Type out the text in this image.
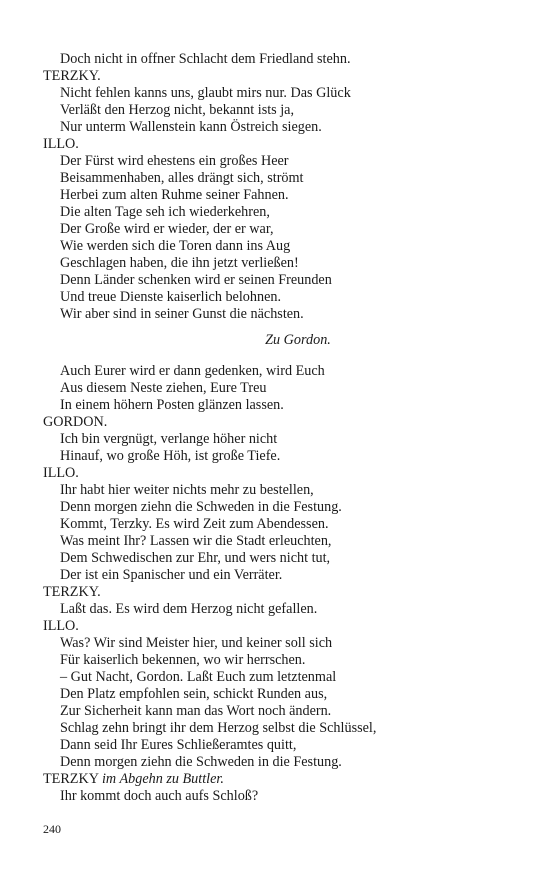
Doch nicht in offner Schlacht dem Friedland stehn.
TERZKY.
Nicht fehlen kanns uns, glaubt mirs nur. Das Glück
Verläßt den Herzog nicht, bekannt ists ja,
Nur unterm Wallenstein kann Östreich siegen.
ILLO.
Der Fürst wird ehestens ein großes Heer
Beisammenhaben, alles drängt sich, strömt
Herbei zum alten Ruhme seiner Fahnen.
Die alten Tage seh ich wiederkehren,
Der Große wird er wieder, der er war,
Wie werden sich die Toren dann ins Aug
Geschlagen haben, die ihn jetzt verließen!
Denn Länder schenken wird er seinen Freunden
Und treue Dienste kaiserlich belohnen.
Wir aber sind in seiner Gunst die nächsten.
Zu Gordon.
Auch Eurer wird er dann gedenken, wird Euch
Aus diesem Neste ziehen, Eure Treu
In einem höhern Posten glänzen lassen.
GORDON.
Ich bin vergnügt, verlange höher nicht
Hinauf, wo große Höh, ist große Tiefe.
ILLO.
Ihr habt hier weiter nichts mehr zu bestellen,
Denn morgen ziehn die Schweden in die Festung.
Kommt, Terzky. Es wird Zeit zum Abendessen.
Was meint Ihr? Lassen wir die Stadt erleuchten,
Dem Schwedischen zur Ehr, und wers nicht tut,
Der ist ein Spanischer und ein Verräter.
TERZKY.
Laßt das. Es wird dem Herzog nicht gefallen.
ILLO.
Was? Wir sind Meister hier, und keiner soll sich
Für kaiserlich bekennen, wo wir herrschen.
– Gut Nacht, Gordon. Laßt Euch zum letztenmal
Den Platz empfohlen sein, schickt Runden aus,
Zur Sicherheit kann man das Wort noch ändern.
Schlag zehn bringt ihr dem Herzog selbst die Schlüssel,
Dann seid Ihr Eures Schließeramtes quitt,
Denn morgen ziehn die Schweden in die Festung.
TERZKY im Abgehn zu Buttler.
Ihr kommt doch auch aufs Schloß?
240
